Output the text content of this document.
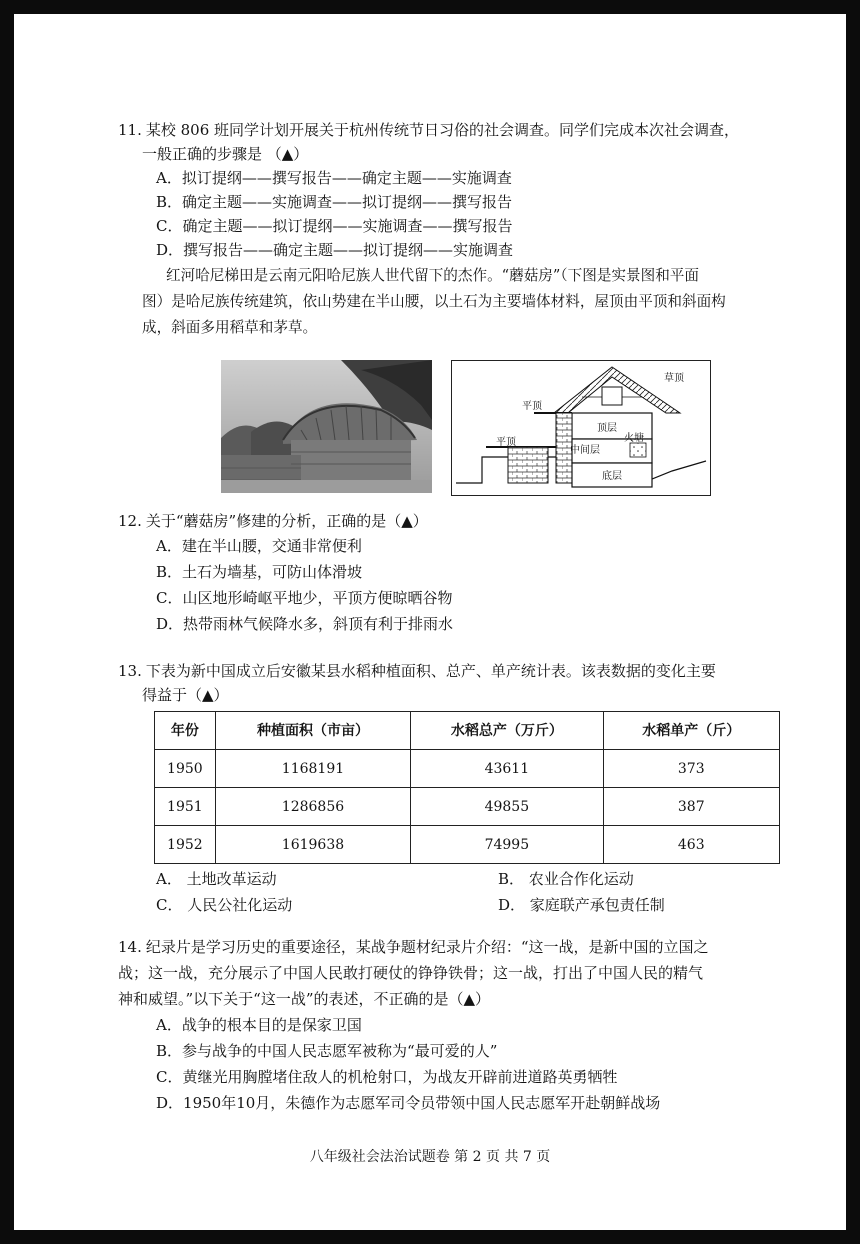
11. 某校 806 班同学计划开展关于杭州传统节日习俗的社会调查。同学们完成本次社会调查，

一般正确的步骤是 （▲）

A．拟订提纲——撰写报告——确定主题——实施调查

B．确定主题——实施调查——拟订提纲——撰写报告

C．确定主题——拟订提纲——实施调查——撰写报告

D．撰写报告——确定主题——拟订提纲——实施调查

红河哈尼梯田是云南元阳哈尼族人世代留下的杰作。“蘑菇房”（下图是实景图和平面

图）是哈尼族传统建筑，依山势建在半山腰，以土石为主要墙体材料，屋顶由平顶和斜面构

成，斜面多用稻草和茅草。

12. 关于“蘑菇房”修建的分析，正确的是（▲）

A．建在半山腰，交通非常便利

B．土石为墙基，可防山体滑坡

C．山区地形崎岖平地少，平顶方便晾晒谷物

D．热带雨林气候降水多，斜顶有利于排雨水

13. 下表为新中国成立后安徽某县水稻种植面积、总产、单产统计表。该表数据的变化主要

得益于（▲）

年份	种植面积（市亩）	水稻总产（万斤）	水稻单产（斤）
1950	1168191	43611	373
1951	1286856	49855	387
1952	1619638	74995	463
A． 土地改革运动	B． 农业合作化运动
C． 人民公社化运动	D． 家庭联产承包责任制

14. 纪录片是学习历史的重要途径，某战争题材纪录片介绍：“这一战，是新中国的立国之

战；这一战，充分展示了中国人民敢打硬仗的铮铮铁骨；这一战，打出了中国人民的精气

神和威望。”以下关于“这一战”的表述，不正确的是（▲）

A．战争的根本目的是保家卫国

B．参与战争的中国人民志愿军被称为“最可爱的人”

C．黄继光用胸膛堵住敌人的机枪射口，为战友开辟前进道路英勇牺牲

D．1950年10月，朱德作为志愿军司令员带领中国人民志愿军开赴朝鲜战场

草顶
顶层
平顶
平顶
中间层
火塘
底层
八年级社会法治试题卷 第 2 页 共 7 页
